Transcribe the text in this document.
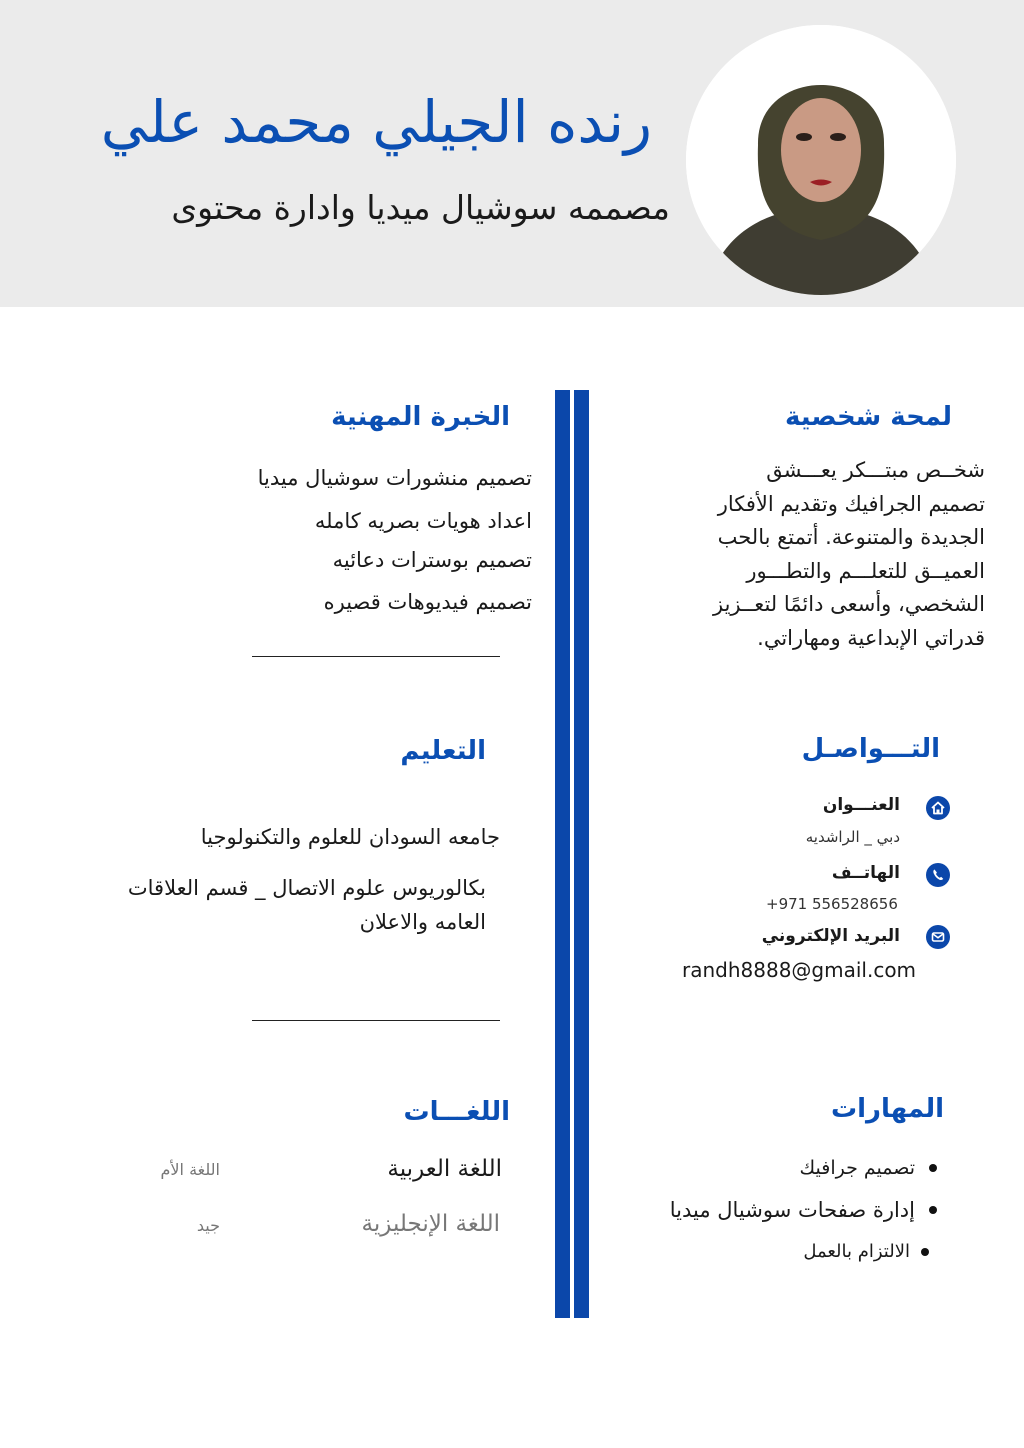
رنده الجيلي محمد علي
مصممه سوشيال ميديا وادارة محتوى
الخبرة المهنية
تصميم منشورات سوشيال ميديا
اعداد هويات بصريه كامله
تصميم بوسترات دعائيه
تصميم فيديوهات قصيره
التعليم
جامعه السودان للعلوم والتكنولوجيا
بكالوريوس علوم الاتصال _ قسم العلاقات
العامه والاعلان
اللغـــات
اللغة العربية
اللغة الأم
اللغة الإنجليزية
جيد
لمحة شخصية
شخــص مبتـــكر يعـــشق
تصميم الجرافيك وتقديم الأفكار
الجديدة والمتنوعة. أتمتع بالحب
العميــق للتعلـــم والتطـــور
الشخصي، وأسعى دائمًا لتعــزيز
قدراتي الإبداعية ومهاراتي.
التـــواصـل
العنـــوان
دبي _ الراشديه
الهاتــف
+971 556528656
البريد الإلكتروني
randh8888@gmail.com
المهارات
تصميم جرافيك
إدارة صفحات سوشيال ميديا
الالتزام بالعمل
